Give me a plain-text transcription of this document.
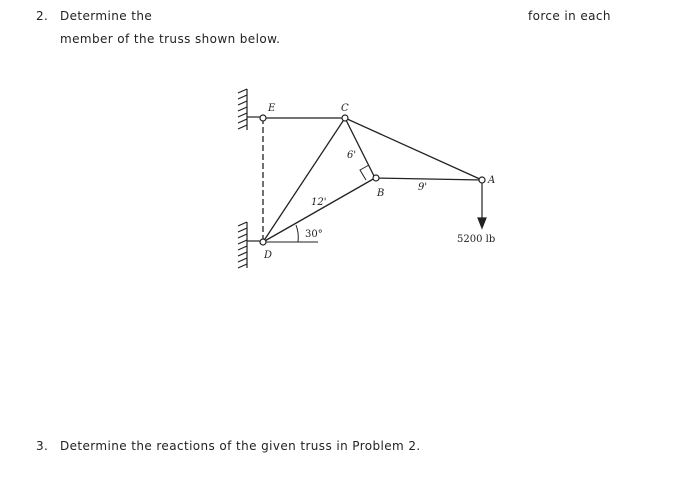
2. Determine the	force in each
member of the truss shown below.
E	C
B
A
D
6'
9'
12'
30°	5200 lb
3. Determine the reactions of the given truss in Problem 2.
